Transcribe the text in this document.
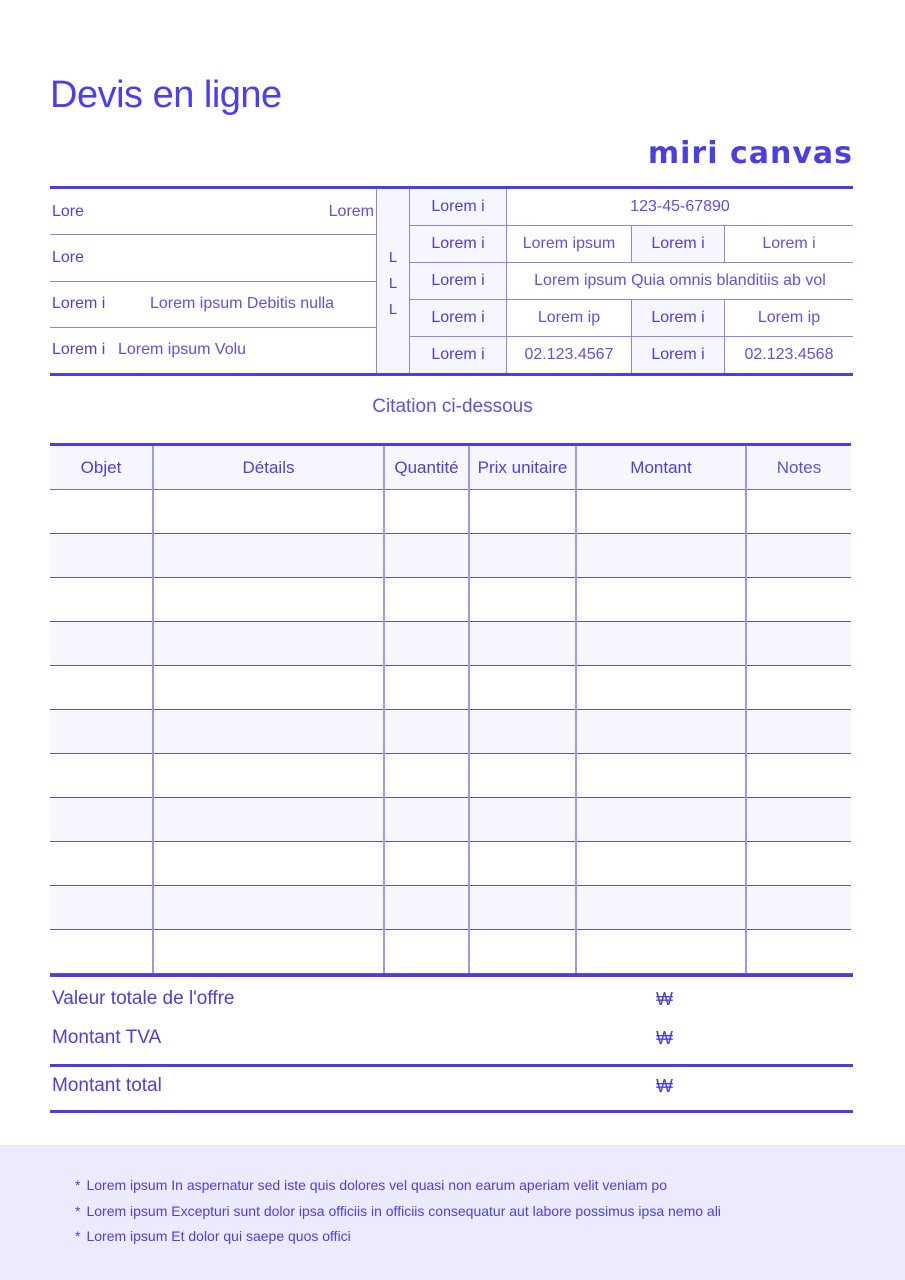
Devis en ligne
miri canvas
Lore	Lorem
Lore
Lorem i	Lorem ipsum Debitis nulla
Lorem i Lorem ipsum Volu
L
L
L
Lorem i	123-45-67890
Lorem i	Lorem ipsum	Lorem i	Lorem i
Lorem i	Lorem ipsum Quia omnis blanditiis ab vol
Lorem i	Lorem ip	Lorem i	Lorem ip
Lorem i	02.123.4567	Lorem i	02.123.4568
Citation ci-dessous
Objet	Détails	Quantité	Prix unitaire	Montant	Notes

Valeur totale de l'offre	₩
Montant TVA	₩
Montant total	₩
* Lorem ipsum In aspernatur sed iste quis dolores vel quasi non earum aperiam velit veniam po
* Lorem ipsum Excepturi sunt dolor ipsa officiis in officiis consequatur aut labore possimus ipsa nemo ali
* Lorem ipsum Et dolor qui saepe quos offici
